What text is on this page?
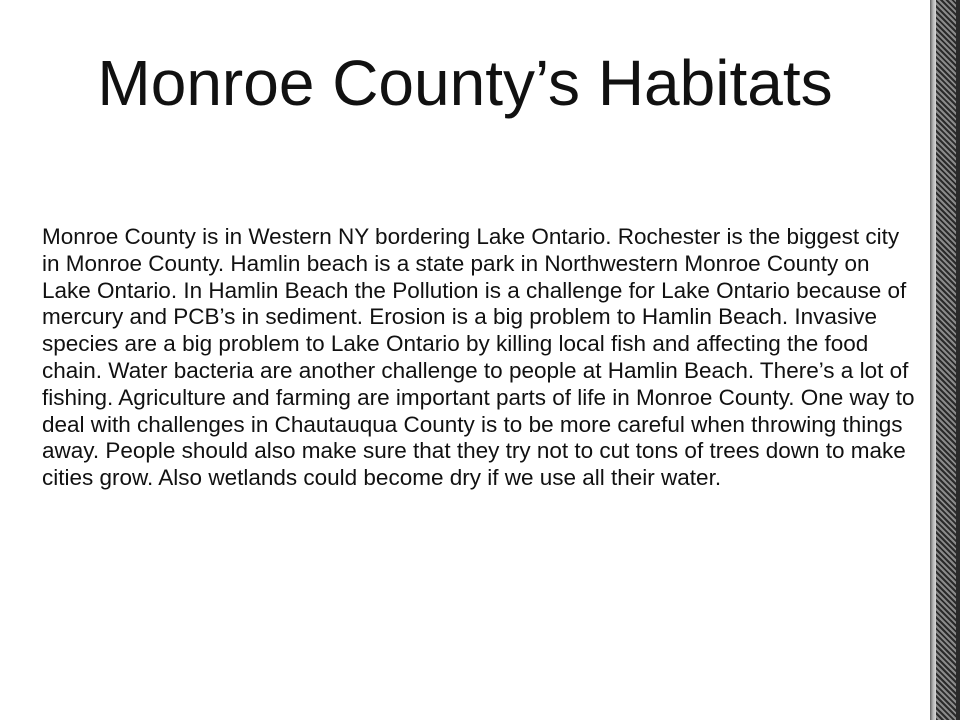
Monroe County’s Habitats

Monroe County is in Western NY bordering Lake Ontario. Rochester is the biggest city in Monroe County. Hamlin beach is a state park in Northwestern Monroe County on Lake Ontario. In Hamlin Beach the Pollution is a challenge for Lake Ontario because of mercury and PCB’s in sediment. Erosion is a big problem to Hamlin Beach. Invasive species are a big problem to Lake Ontario by killing local fish and affecting the food chain. Water bacteria are another challenge to people at Hamlin Beach. There’s a lot of fishing. Agriculture and farming are important parts of life in Monroe County. One way to deal with challenges in Chautauqua County is to be more careful when throwing things away. People should also make sure that they try not to cut tons of trees down to make cities grow. Also wetlands could become dry if we use all their water.
